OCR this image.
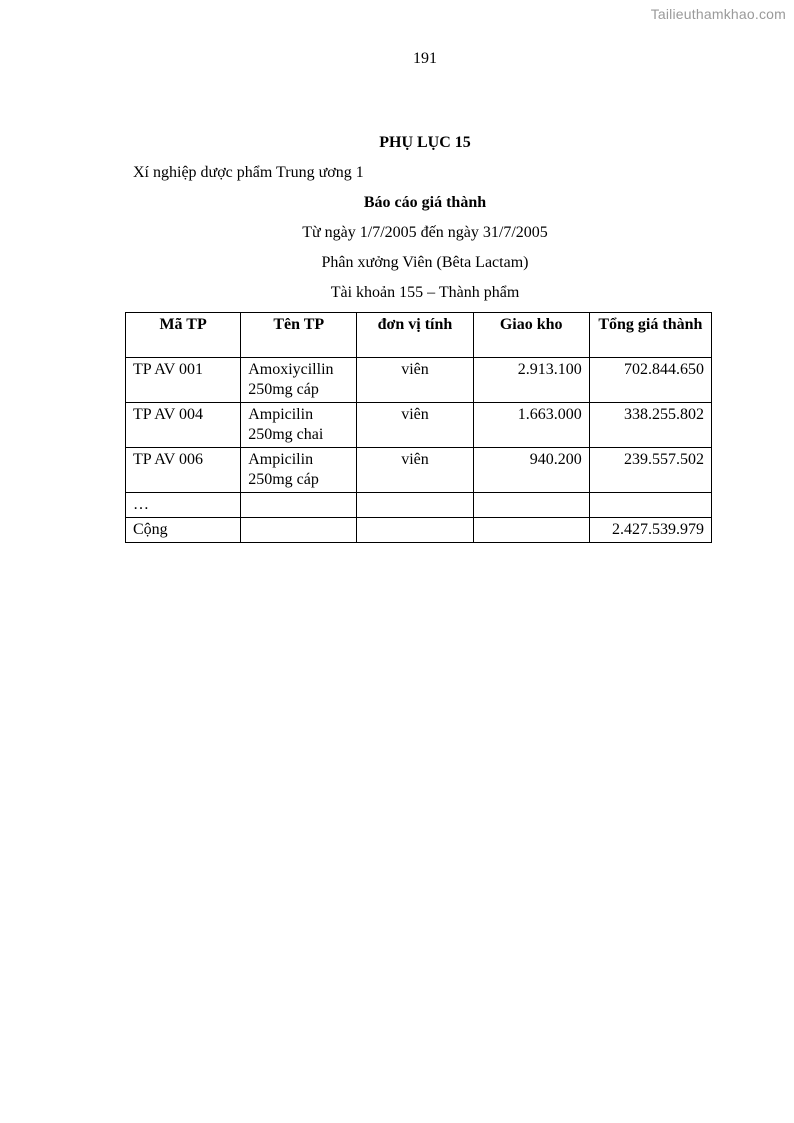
Tailieuthamkhao.com
191
PHỤ LỤC 15
Xí nghiệp dược phẩm Trung ương 1
Báo cáo giá thành
Từ ngày 1/7/2005 đến ngày 31/7/2005
Phân xưởng Viên (Bêta Lactam)
Tài khoản 155 – Thành phẩm
Mã TP	Tên TP	đơn vị tính	Giao kho	Tổng giá thành
TP AV 001	Amoxiycillin 250mg cáp	viên	2.913.100	702.844.650
TP AV 004	Ampicilin 250mg chai	viên	1.663.000	338.255.802
TP AV 006	Ampicilin 250mg cáp	viên	940.200	239.557.502
…				
Cộng				2.427.539.979
